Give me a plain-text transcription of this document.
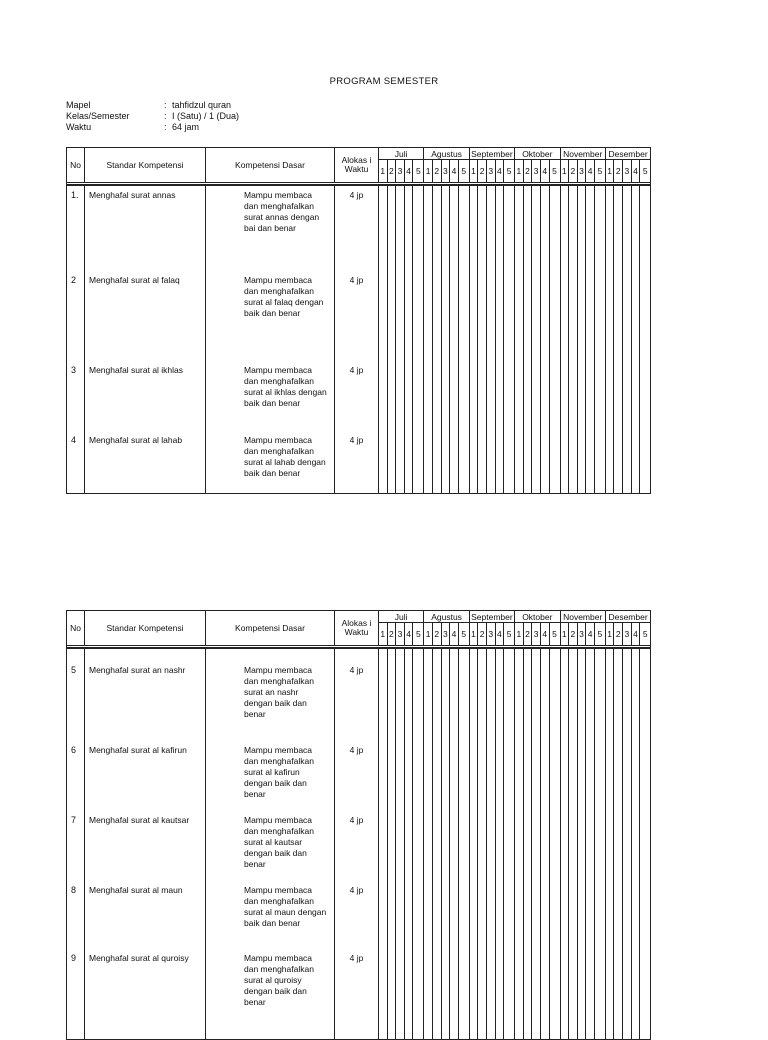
PROGRAM SEMESTER
Mapel	: tahfidzul quran
Kelas/Semester	: I (Satu) / 1 (Dua)
Waktu	: 64 jam
No	Standar Kompetensi	Kompetensi Dasar	Alokas i Waktu	Juli					Agustus					September					Oktober					November					Desember				
				1	2	3	4	5	1	2	3	4	5	1	2	3	4	5	1	2	3	4	5	1	2	3	4	5	1	2	3	4	5

1.	Menghafal surat annas	Mampu membaca dan menghafalkan surat annas dengan bai dan benar	4 jp																														
2	Menghafal surat al falaq	Mampu membaca dan menghafalkan surat al falaq dengan baik dan benar	4 jp																														
3	Menghafal surat al ikhlas	Mampu membaca dan menghafalkan surat al ikhlas dengan baik dan benar	4 jp																														
4	Menghafal surat al lahab	Mampu membaca dan menghafalkan surat al lahab dengan baik dan benar	4 jp																														
No	Standar Kompetensi	Kompetensi Dasar	Alokas i Waktu	Juli					Agustus					September					Oktober					November					Desember				
				1	2	3	4	5	1	2	3	4	5	1	2	3	4	5	1	2	3	4	5	1	2	3	4	5	1	2	3	4	5

5	Menghafal surat an nashr	Mampu membaca dan menghafalkan surat an nashr dengan baik dan benar	4 jp																														
6	Menghafal surat al kafirun	Mampu membaca dan menghafalkan surat al kafirun dengan baik dan benar	4 jp																														
7	Menghafal surat al kautsar	Mampu membaca dan menghafalkan surat al kautsar dengan baik dan benar	4 jp																														
8	Menghafal surat al maun	Mampu membaca dan menghafalkan surat al maun dengan baik dan benar	4 jp																														
9	Menghafal surat al quroisy	Mampu membaca dan menghafalkan surat al quroisy dengan baik dan benar	4 jp																														
